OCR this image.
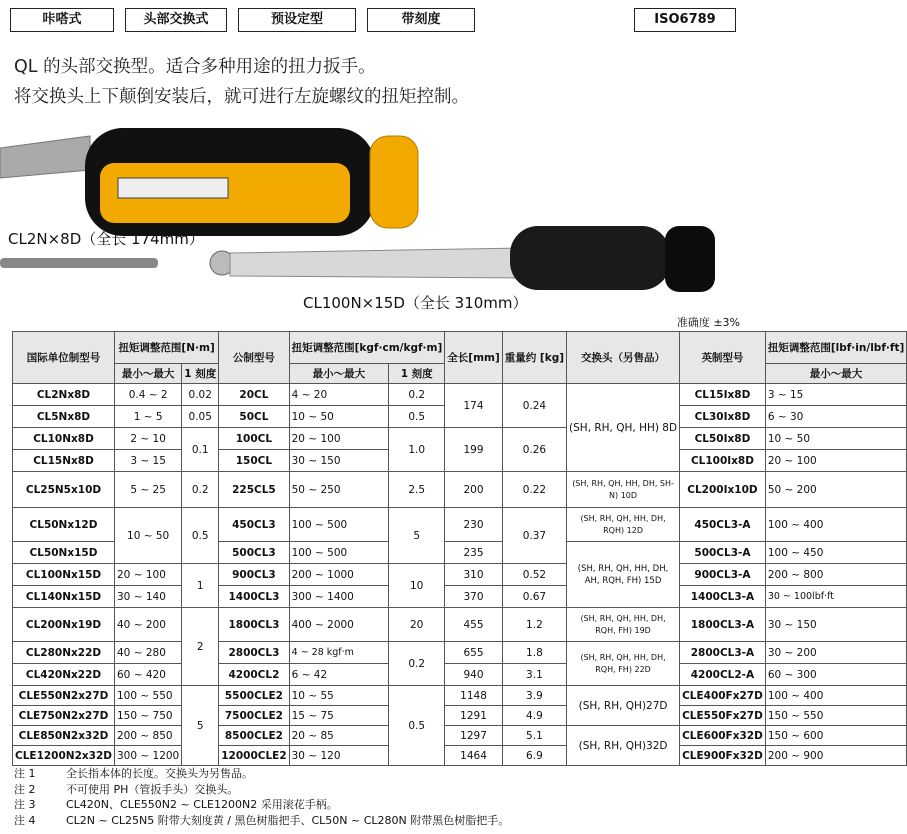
咔嗒式	头部交换式	预设定型	带刻度	ISO6789
QL 的头部交换型。适合多种用途的扭力扳手。
将交换头上下颠倒安装后，就可进行左旋螺纹的扭矩控制。
CL2N×8D（全长 174mm）
CL100N×15D（全长 310mm）
准确度 ±3%
国际单位制型号	扭矩调整范围[N·m]		公制型号	扭矩调整范围[kgf·cm/kgf·m]		全长[mm]	重量约 [kg]	交换头（另售品）	英制型号	扭矩调整范围[lbf·in/lbf·ft]
	最小～最大	1 刻度		最小～最大	1 刻度					最小～最大
CL2Nx8D	0.4 ~ 2	0.02	20CL	4 ~ 20	0.2	174	0.24	(SH, RH, QH, HH) 8D	CL15Ix8D	3 ~ 15
CL5Nx8D	1 ~ 5	0.05	50CL	10 ~ 50	0.5				CL30Ix8D	6 ~ 30
CL10Nx8D	2 ~ 10	0.1	100CL	20 ~ 100	1.0	199	0.26		CL50Ix8D	10 ~ 50
CL15Nx8D	3 ~ 15		150CL	30 ~ 150					CL100Ix8D	20 ~ 100
CL25N5x10D	5 ~ 25	0.2	225CL5	50 ~ 250	2.5	200	0.22	(SH, RH, QH, HH, DH, SH-N) 10D	CL200Ix10D	50 ~ 200
CL50Nx12D	10 ~ 50	0.5	450CL3	100 ~ 500	5	230	0.37	(SH, RH, QH, HH, DH, RQH) 12D	450CL3-A	100 ~ 400
CL50Nx15D			500CL3	100 ~ 500		235		(SH, RH, QH, HH, DH, AH, RQH, FH) 15D	500CL3-A	100 ~ 450
CL100Nx15D	20 ~ 100	1	900CL3	200 ~ 1000	10	310	0.52		900CL3-A	200 ~ 800
CL140Nx15D	30 ~ 140		1400CL3	300 ~ 1400		370	0.67		1400CL3-A	30 ~ 100lbf·ft
CL200Nx19D	40 ~ 200	2	1800CL3	400 ~ 2000	20	455	1.2	(SH, RH, QH, HH, DH, RQH, FH) 19D	1800CL3-A	30 ~ 150
CL280Nx22D	40 ~ 280		2800CL3	4 ~ 28 kgf·m	0.2	655	1.8	(SH, RH, QH, HH, DH, RQH, FH) 22D	2800CL3-A	30 ~ 200
CL420Nx22D	60 ~ 420		4200CL2	6 ~ 42		940	3.1		4200CL2-A	60 ~ 300
CLE550N2x27D	100 ~ 550	5	5500CLE2	10 ~ 55	0.5	1148	3.9	(SH, RH, QH)27D	CLE400Fx27D	100 ~ 400
CLE750N2x27D	150 ~ 750		7500CLE2	15 ~ 75		1291	4.9		CLE550Fx27D	150 ~ 550
CLE850N2x32D	200 ~ 850		8500CLE2	20 ~ 85		1297	5.1	(SH, RH, QH)32D	CLE600Fx32D	150 ~ 600
CLE1200N2x32D	300 ~ 1200		12000CLE2	30 ~ 120		1464	6.9		CLE900Fx32D	200 ~ 900
注 1	全长指本体的长度。交换头为另售品。
注 2	不可使用 PH（管扳手头）交换头。
注 3	CL420N、CLE550N2 ~ CLE1200N2 采用滚花手柄。
注 4	CL2N ~ CL25N5 附带大刻度黄 / 黑色树脂把手、CL50N ~ CL280N 附带黑色树脂把手。
